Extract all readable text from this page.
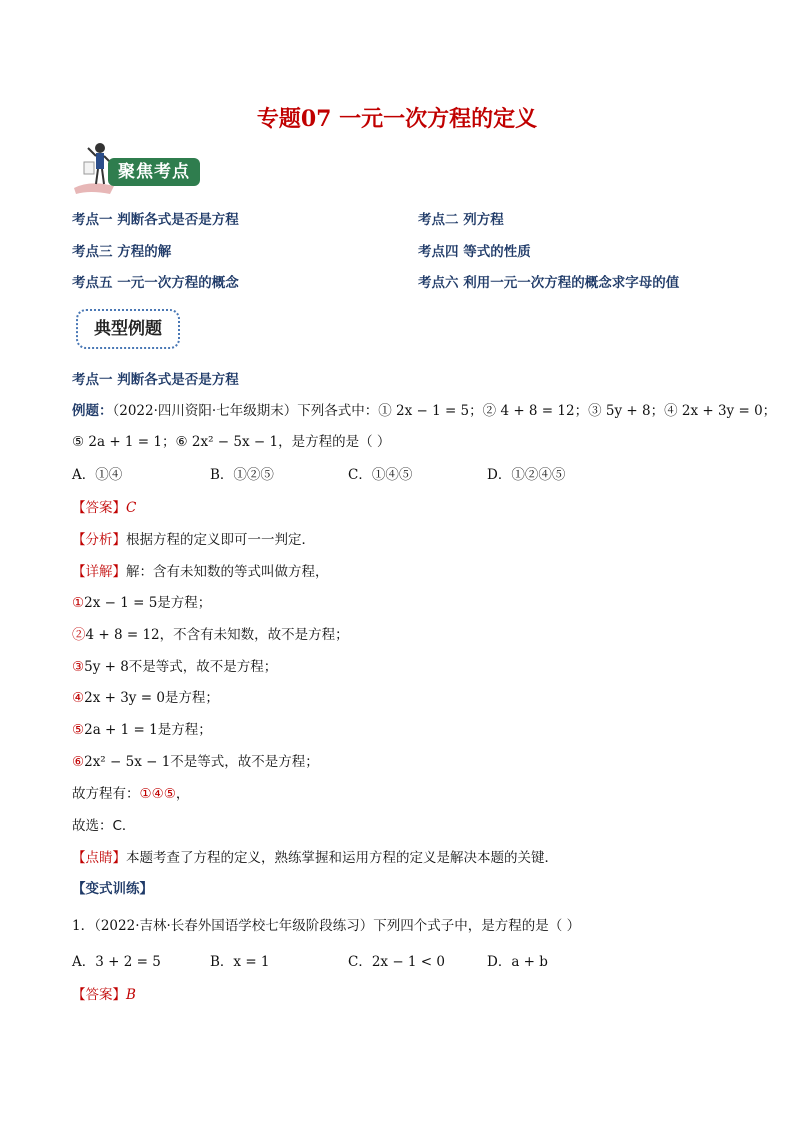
专题07 一元一次方程的定义
聚焦考点
考点一 判断各式是否是方程	考点二 列方程
考点三 方程的解	考点四 等式的性质
考点五 一元一次方程的概念	考点六 利用一元一次方程的概念求字母的值
典型例题
考点一 判断各式是否是方程
例题：（2022·四川资阳·七年级期末）下列各式中：① 2x − 1 = 5；② 4 + 8 = 12；③ 5y + 8；④ 2x + 3y = 0；
⑤ 2a + 1 = 1；⑥ 2x² − 5x − 1，是方程的是（ ）
A．①④	B．①②⑤	C．①④⑤	D．①②④⑤
【答案】C
【分析】根据方程的定义即可一一判定．
【详解】解：含有未知数的等式叫做方程，
①2x − 1 = 5是方程；
②4 + 8 = 12，不含有未知数，故不是方程；
③5y + 8不是等式，故不是方程；
④2x + 3y = 0是方程；
⑤2a + 1 = 1是方程；
⑥2x² − 5x − 1不是等式，故不是方程；
故方程有：①④⑤，
故选：C．
【点睛】本题考查了方程的定义，熟练掌握和运用方程的定义是解决本题的关键．
【变式训练】
1．（2022·吉林·长春外国语学校七年级阶段练习）下列四个式子中，是方程的是（ ）
A．3 + 2 = 5	B．x = 1	C．2x − 1 < 0	D．a + b
【答案】B
